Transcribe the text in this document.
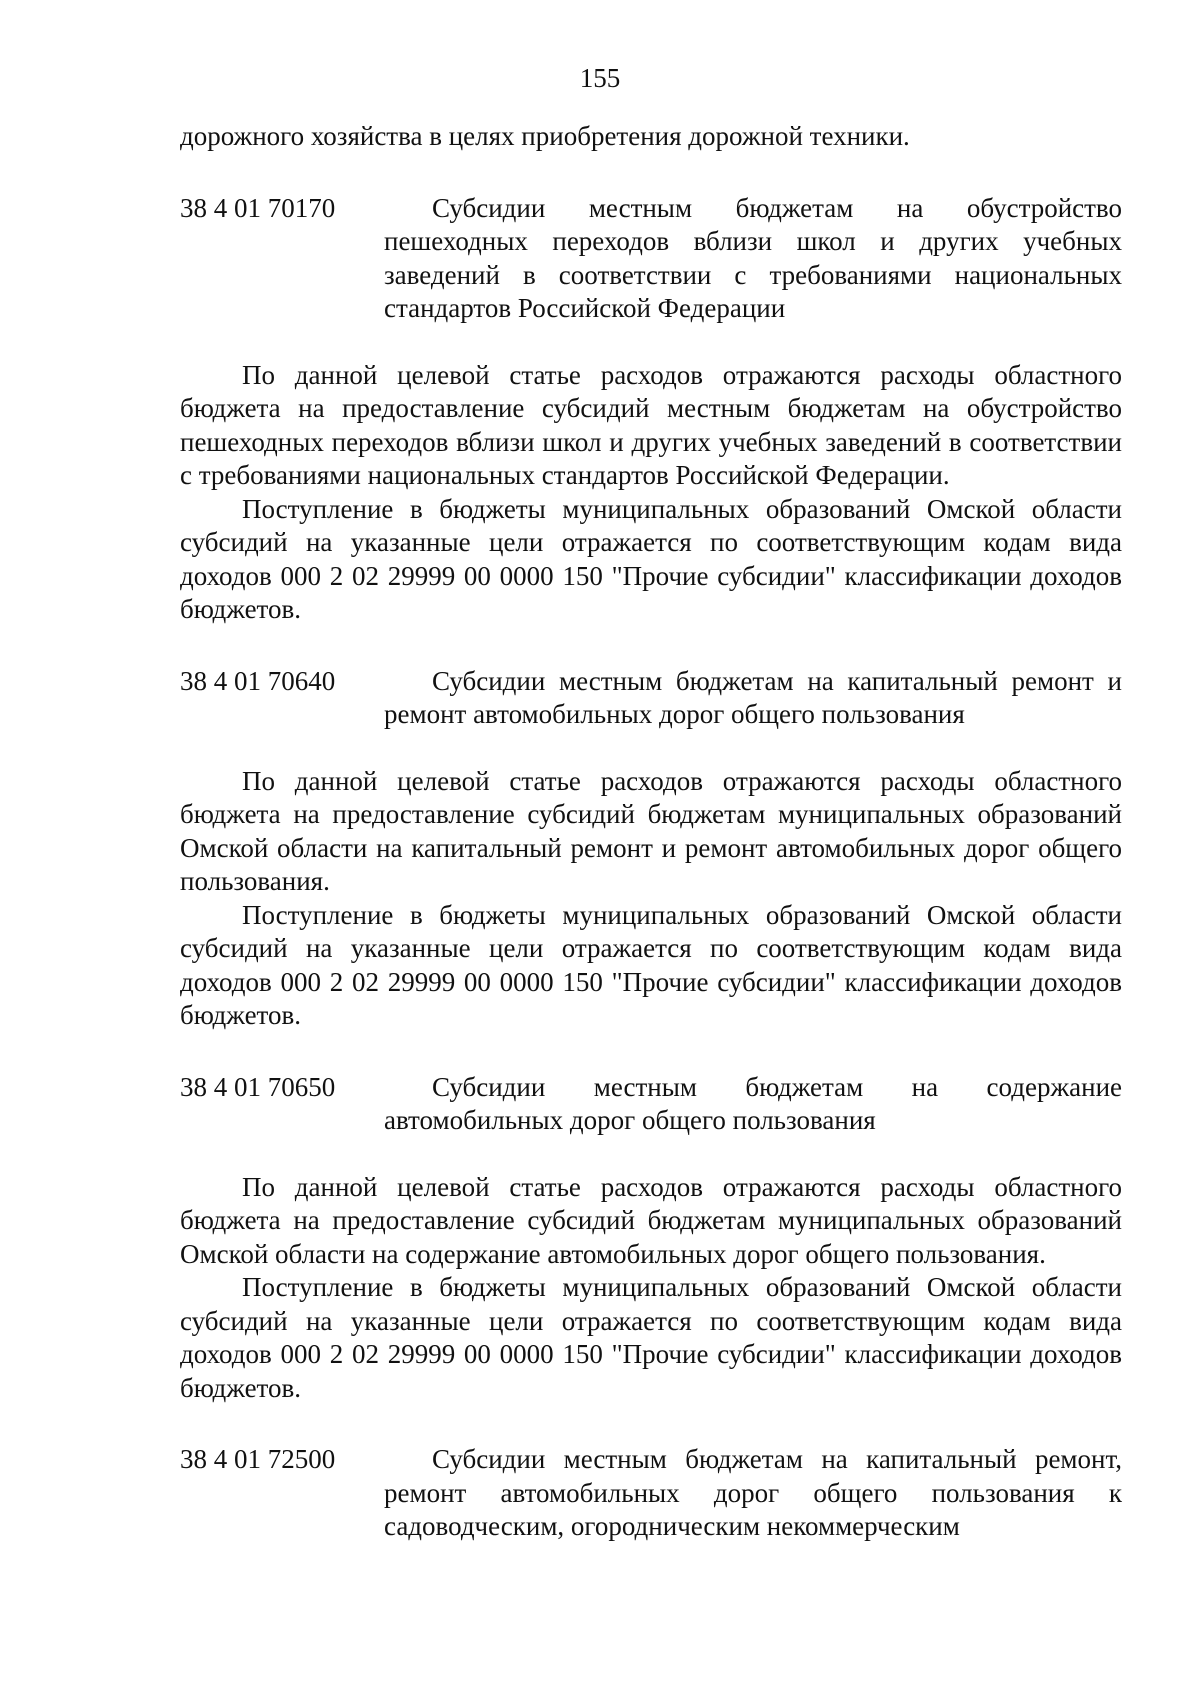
155

дорожного хозяйства в целях приобретения дорожной техники.

38 4 01 70170	Субсидии местным бюджетам на обустройство пешеходных переходов вблизи школ и других учебных заведений в соответствии с требованиями национальных стандартов Российской Федерации

По данной целевой статье расходов отражаются расходы областного бюджета на предоставление субсидий местным бюджетам на обустройство пешеходных переходов вблизи школ и других учебных заведений в соответствии с требованиями национальных стандартов Российской Федерации.

Поступление в бюджеты муниципальных образований Омской области субсидий на указанные цели отражается по соответствующим кодам вида доходов 000 2 02 29999 00 0000 150 "Прочие субсидии" классификации доходов бюджетов.

38 4 01 70640	Субсидии местным бюджетам на капитальный ремонт и ремонт автомобильных дорог общего пользования

По данной целевой статье расходов отражаются расходы областного бюджета на предоставление субсидий бюджетам муниципальных образований Омской области на капитальный ремонт и ремонт автомобильных дорог общего пользования.

Поступление в бюджеты муниципальных образований Омской области субсидий на указанные цели отражается по соответствующим кодам вида доходов 000 2 02 29999 00 0000 150 "Прочие субсидии" классификации доходов бюджетов.

38 4 01 70650	Субсидии местным бюджетам на содержание автомобильных дорог общего пользования

По данной целевой статье расходов отражаются расходы областного бюджета на предоставление субсидий бюджетам муниципальных образований Омской области на содержание автомобильных дорог общего пользования.

Поступление в бюджеты муниципальных образований Омской области субсидий на указанные цели отражается по соответствующим кодам вида доходов 000 2 02 29999 00 0000 150 "Прочие субсидии" классификации доходов бюджетов.

38 4 01 72500	Субсидии местным бюджетам на капитальный ремонт, ремонт автомобильных дорог общего пользования к садоводческим, огородническим некоммерческим
